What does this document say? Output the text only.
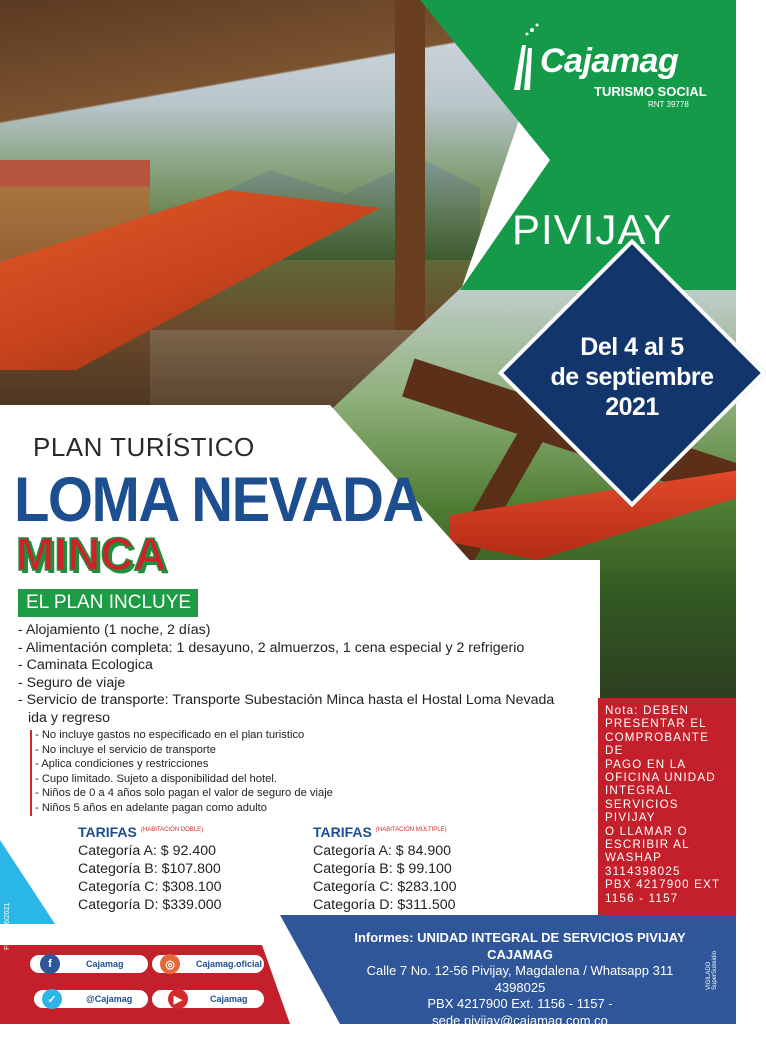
Cajamag
TURISMO SOCIAL
RNT 39778
PIVIJAY
Del 4 al 5
de septiembre
2021
PLAN TURÍSTICO
LOMA NEVADA
MINCA
EL PLAN INCLUYE
- Alojamiento (1 noche, 2 días)
- Alimentación completa: 1 desayuno, 2 almuerzos, 1 cena especial y 2 refrigerio
- Caminata Ecologica
- Seguro de viaje
- Servicio de transporte: Transporte Subestación Minca hasta el Hostal Loma Nevada
ida y regreso
- No incluye gastos no especificado en el plan turistico
- No incluye el servicio de transporte
- Aplica condiciones y restricciones
- Cupo limitado. Sujeto a disponibilidad del hotel.
- Niños de 0 a 4 años solo pagan el valor de seguro de viaje
- Niños 5 años en adelante pagan como adulto
TARIFAS $^{(HABITACIÓN DOBLE)}$
Categoría A: $ 92.400
Categoría B: $107.800
Categoría C: $308.100
Categoría D: $339.000
TARIFAS $^{(HABITACIÓN MÚLTIPLE)}$
Categoría A: $ 84.900
Categoría B: $ 99.100
Categoría C: $283.100
Categoría D: $311.500
Nota: DEBEN
PRESENTAR EL
COMPROBANTE DE
PAGO EN LA
OFICINA UNIDAD
INTEGRAL
SERVICIOS PIVIJAY
O LLAMAR O
ESCRIBIR AL
WASHAP
3114398025
PBX 4217900 EXT
1156 - 1157
Informes: UNIDAD INTEGRAL DE SERVICIOS PIVIJAY CAJAMAG
Calle 7 No. 12-56 Pivijay, Magdalena / Whatsapp 311 4398025
PBX 4217900 Ext. 1156 - 1157 - sede.pivijay@cajamag.com.co
www.cajamag.com.co
Cajamag
f	Cajamag.oficial
◎
@Cajamag
✓	Cajamag
▶
FE: 11/06/2021
VIGILADO SuperSubsidio
